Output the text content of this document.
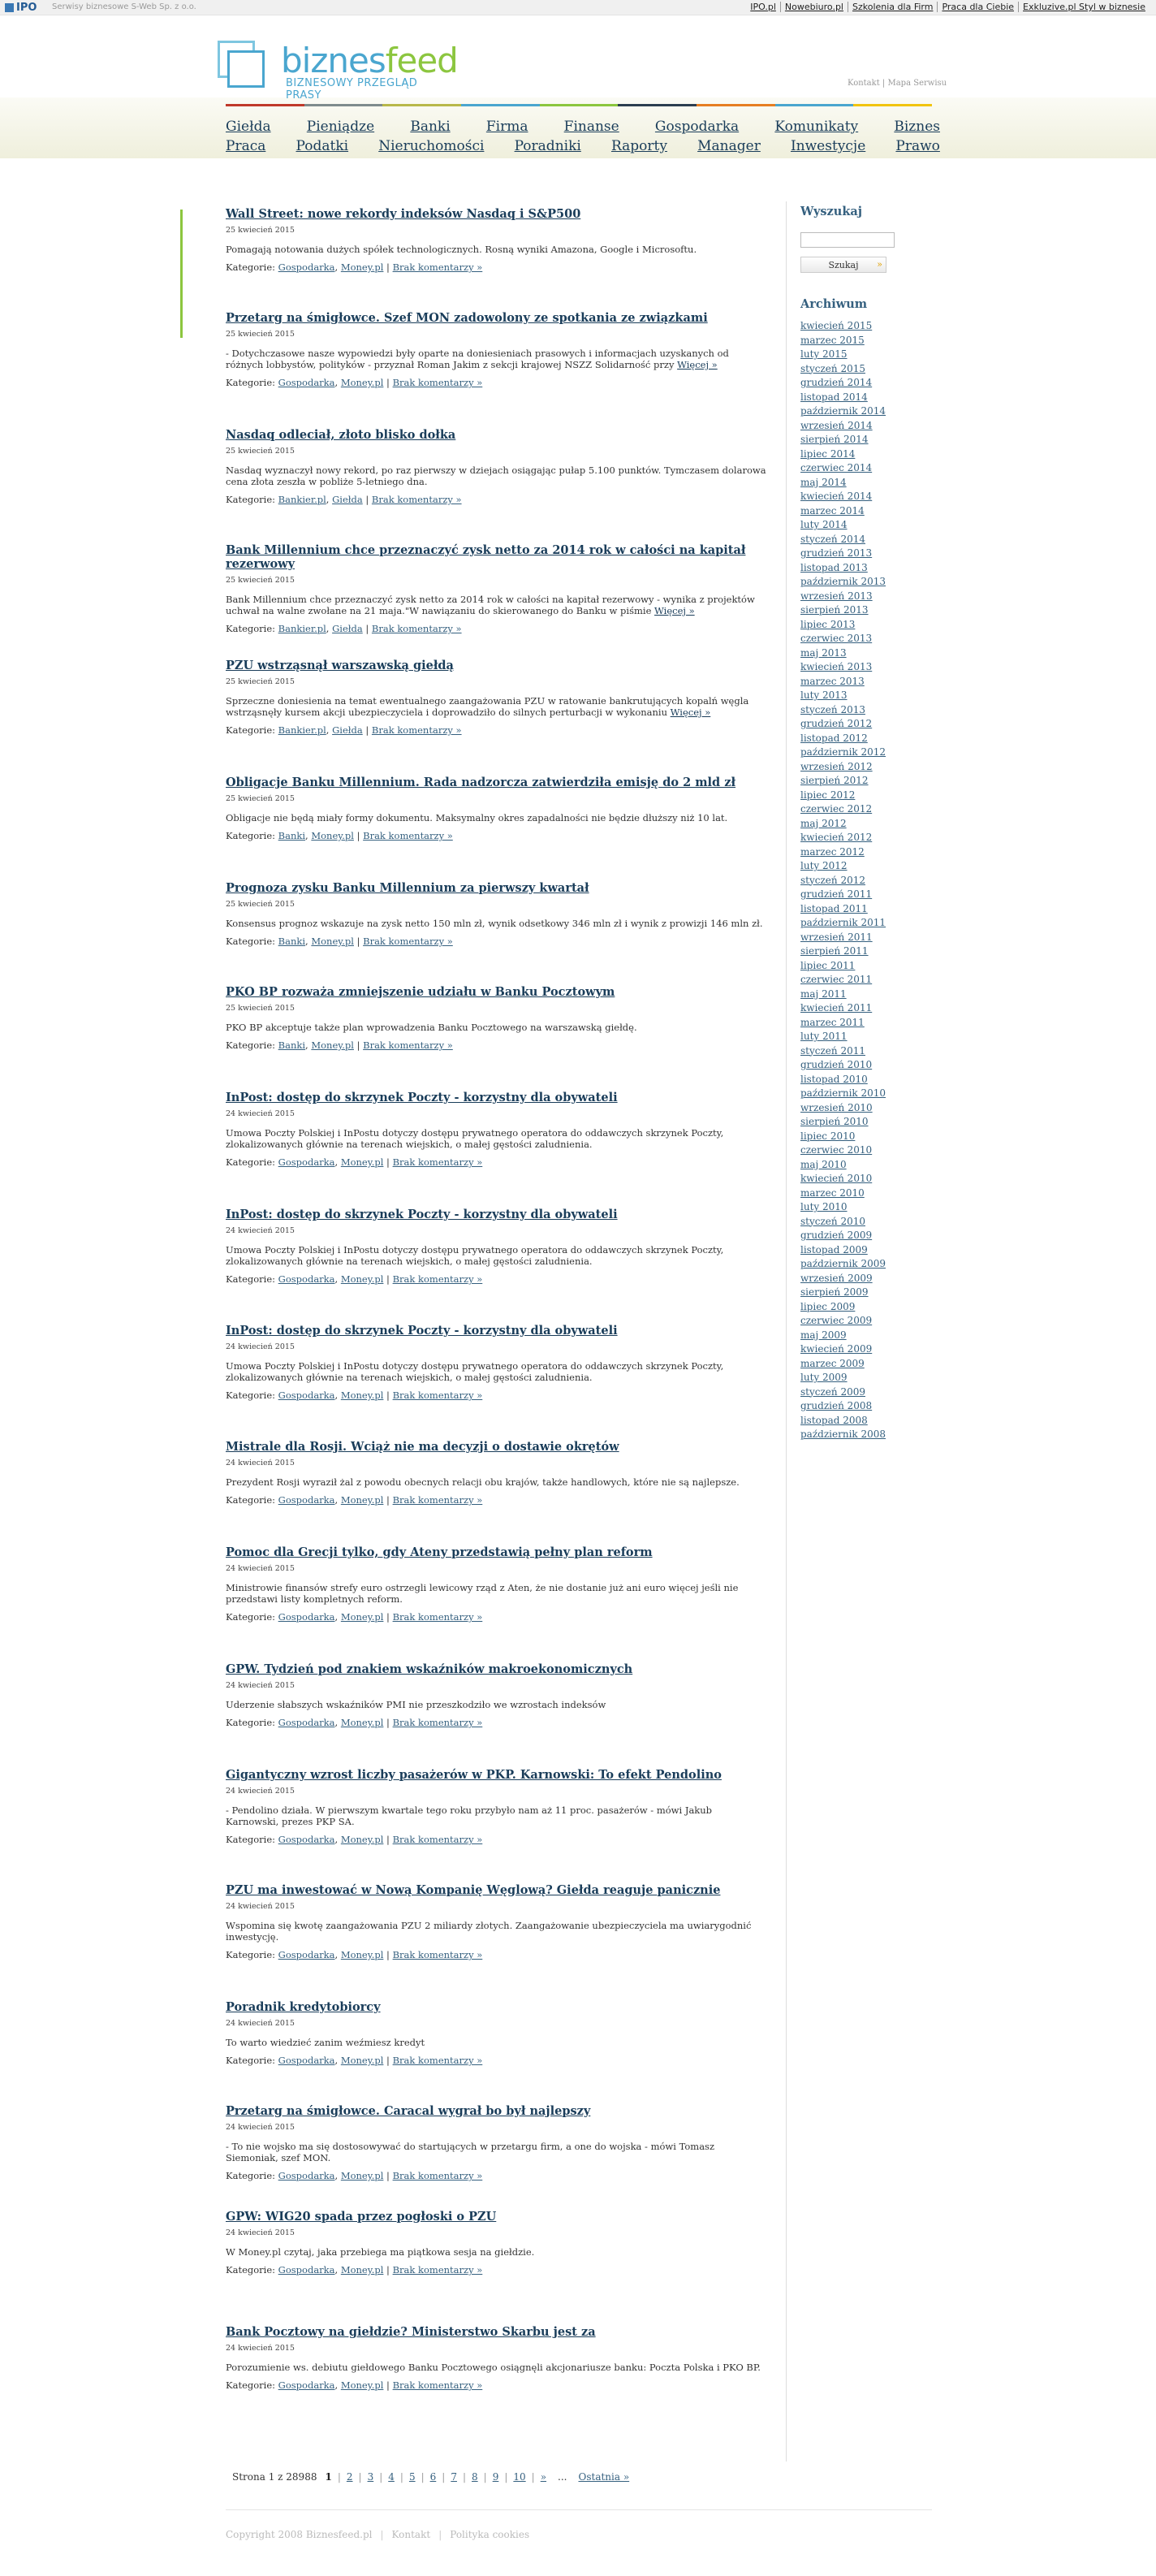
IPO Serwisy biznesowe S-Web Sp. z o.o.	IPO.pl	Nowebiuro.pl	Szkolenia dla Firm	Praca dla Ciebie	Exkluzive.pl Styl w biznesie
biznesfeed
BIZNESOWY PRZEGLĄD PRASY
Kontakt | Mapa Serwisu
Giełda	Pieniądze	Banki	Firma	Finanse	Gospodarka	Komunikaty	Biznes
Praca Podatki Nieruchomości Poradniki Raporty Manager Inwestycje Prawo
Wall Street: nowe rekordy indeksów Nasdaq i S&P500
25 kwiecień 2015
Pomagają notowania dużych spółek technologicznych. Rosną wyniki Amazona, Google i Microsoftu.
Kategorie: Gospodarka, Money.pl | Brak komentarzy »
Przetarg na śmigłowce. Szef MON zadowolony ze spotkania ze związkami
25 kwiecień 2015
- Dotychczasowe nasze wypowiedzi były oparte na doniesieniach prasowych i informacjach uzyskanych od różnych lobbystów, polityków - przyznał Roman Jakim z sekcji krajowej NSZZ Solidarność przy Więcej »
Kategorie: Gospodarka, Money.pl | Brak komentarzy »
Nasdaq odleciał, złoto blisko dołka
25 kwiecień 2015
Nasdaq wyznaczył nowy rekord, po raz pierwszy w dziejach osiągając pułap 5.100 punktów. Tymczasem dolarowa cena złota zeszła w pobliże 5-letniego dna.
Kategorie: Bankier.pl, Giełda | Brak komentarzy »
Bank Millennium chce przeznaczyć zysk netto za 2014 rok w całości na kapitał rezerwowy
25 kwiecień 2015
Bank Millennium chce przeznaczyć zysk netto za 2014 rok w całości na kapitał rezerwowy - wynika z projektów uchwał na walne zwołane na 21 maja."W nawiązaniu do skierowanego do Banku w piśmie Więcej »
Kategorie: Bankier.pl, Giełda | Brak komentarzy »
PZU wstrząsnął warszawską giełdą
25 kwiecień 2015
Sprzeczne doniesienia na temat ewentualnego zaangażowania PZU w ratowanie bankrutujących kopalń węgla wstrząsnęły kursem akcji ubezpieczyciela i doprowadziło do silnych perturbacji w wykonaniu Więcej »
Kategorie: Bankier.pl, Giełda | Brak komentarzy »
Obligacje Banku Millennium. Rada nadzorcza zatwierdziła emisję do 2 mld zł
25 kwiecień 2015
Obligacje nie będą miały formy dokumentu. Maksymalny okres zapadalności nie będzie dłuższy niż 10 lat.
Kategorie: Banki, Money.pl | Brak komentarzy »
Prognoza zysku Banku Millennium za pierwszy kwartał
25 kwiecień 2015
Konsensus prognoz wskazuje na zysk netto 150 mln zł, wynik odsetkowy 346 mln zł i wynik z prowizji 146 mln zł.
Kategorie: Banki, Money.pl | Brak komentarzy »
PKO BP rozważa zmniejszenie udziału w Banku Pocztowym
25 kwiecień 2015
PKO BP akceptuje także plan wprowadzenia Banku Pocztowego na warszawską giełdę.
Kategorie: Banki, Money.pl | Brak komentarzy »
InPost: dostęp do skrzynek Poczty - korzystny dla obywateli
24 kwiecień 2015
Umowa Poczty Polskiej i InPostu dotyczy dostępu prywatnego operatora do oddawczych skrzynek Poczty, zlokalizowanych głównie na terenach wiejskich, o małej gęstości zaludnienia.
Kategorie: Gospodarka, Money.pl | Brak komentarzy »
InPost: dostęp do skrzynek Poczty - korzystny dla obywateli
24 kwiecień 2015
Umowa Poczty Polskiej i InPostu dotyczy dostępu prywatnego operatora do oddawczych skrzynek Poczty, zlokalizowanych głównie na terenach wiejskich, o małej gęstości zaludnienia.
Kategorie: Gospodarka, Money.pl | Brak komentarzy »
InPost: dostęp do skrzynek Poczty - korzystny dla obywateli
24 kwiecień 2015
Umowa Poczty Polskiej i InPostu dotyczy dostępu prywatnego operatora do oddawczych skrzynek Poczty, zlokalizowanych głównie na terenach wiejskich, o małej gęstości zaludnienia.
Kategorie: Gospodarka, Money.pl | Brak komentarzy »
Mistrale dla Rosji. Wciąż nie ma decyzji o dostawie okrętów
24 kwiecień 2015
Prezydent Rosji wyraził żal z powodu obecnych relacji obu krajów, także handlowych, które nie są najlepsze.
Kategorie: Gospodarka, Money.pl | Brak komentarzy »
Pomoc dla Grecji tylko, gdy Ateny przedstawią pełny plan reform
24 kwiecień 2015
Ministrowie finansów strefy euro ostrzegli lewicowy rząd z Aten, że nie dostanie już ani euro więcej jeśli nie przedstawi listy kompletnych reform.
Kategorie: Gospodarka, Money.pl | Brak komentarzy »
GPW. Tydzień pod znakiem wskaźników makroekonomicznych
24 kwiecień 2015
Uderzenie słabszych wskaźników PMI nie przeszkodziło we wzrostach indeksów
Kategorie: Gospodarka, Money.pl | Brak komentarzy »
Gigantyczny wzrost liczby pasażerów w PKP. Karnowski: To efekt Pendolino
24 kwiecień 2015
- Pendolino działa. W pierwszym kwartale tego roku przybyło nam aż 11 proc. pasażerów - mówi Jakub Karnowski, prezes PKP SA.
Kategorie: Gospodarka, Money.pl | Brak komentarzy »
PZU ma inwestować w Nową Kompanię Węglową? Giełda reaguje panicznie
24 kwiecień 2015
Wspomina się kwotę zaangażowania PZU 2 miliardy złotych. Zaangażowanie ubezpieczyciela ma uwiarygodnić inwestycję.
Kategorie: Gospodarka, Money.pl | Brak komentarzy »
Poradnik kredytobiorcy
24 kwiecień 2015
To warto wiedzieć zanim weźmiesz kredyt
Kategorie: Gospodarka, Money.pl | Brak komentarzy »
Przetarg na śmigłowce. Caracal wygrał bo był najlepszy
24 kwiecień 2015
- To nie wojsko ma się dostosowywać do startujących w przetargu firm, a one do wojska - mówi Tomasz Siemoniak, szef MON.
Kategorie: Gospodarka, Money.pl | Brak komentarzy »
GPW: WIG20 spada przez pogłoski o PZU
24 kwiecień 2015
W Money.pl czytaj, jaka przebiega ma piątkowa sesja na giełdzie.
Kategorie: Gospodarka, Money.pl | Brak komentarzy »
Bank Pocztowy na giełdzie? Ministerstwo Skarbu jest za
24 kwiecień 2015
Porozumienie ws. debiutu giełdowego Banku Pocztowego osiągnęli akcjonariusze banku: Poczta Polska i PKO BP.
Kategorie: Gospodarka, Money.pl | Brak komentarzy »
Wyszukaj
Szukaj »
Archiwum
kwiecień 2015
marzec 2015
luty 2015
styczeń 2015
grudzień 2014
listopad 2014
październik 2014
wrzesień 2014
sierpień 2014
lipiec 2014
czerwiec 2014
maj 2014
kwiecień 2014
marzec 2014
luty 2014
styczeń 2014
grudzień 2013
listopad 2013
październik 2013
wrzesień 2013
sierpień 2013
lipiec 2013
czerwiec 2013
maj 2013
kwiecień 2013
marzec 2013
luty 2013
styczeń 2013
grudzień 2012
listopad 2012
październik 2012
wrzesień 2012
sierpień 2012
lipiec 2012
czerwiec 2012
maj 2012
kwiecień 2012
marzec 2012
luty 2012
styczeń 2012
grudzień 2011
listopad 2011
październik 2011
wrzesień 2011
sierpień 2011
lipiec 2011
czerwiec 2011
maj 2011
kwiecień 2011
marzec 2011
luty 2011
styczeń 2011
grudzień 2010
listopad 2010
październik 2010
wrzesień 2010
sierpień 2010
lipiec 2010
czerwiec 2010
maj 2010
kwiecień 2010
marzec 2010
luty 2010
styczeń 2010
grudzień 2009
listopad 2009
październik 2009
wrzesień 2009
sierpień 2009
lipiec 2009
czerwiec 2009
maj 2009
kwiecień 2009
marzec 2009
luty 2009
styczeń 2009
grudzień 2008
listopad 2008
październik 2008
Strona 1 z 28988 1 | 2 | 3 | 4 | 5 | 6 | 7 | 8 | 9 | 10 | » ... Ostatnia »
Copyright 2008 Biznesfeed.pl | Kontakt | Polityka cookies
